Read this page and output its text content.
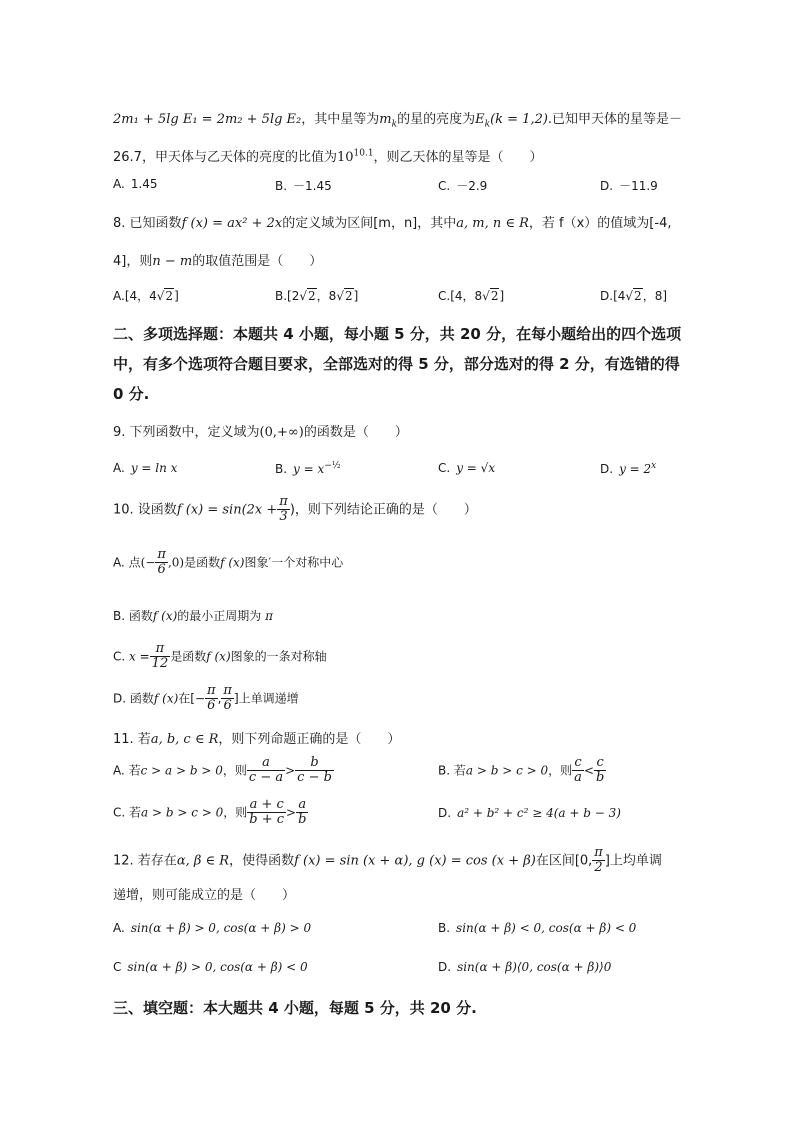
2m₁ + 5lg E₁ = 2m₂ + 5lg E₂，其中星等为$m_k$的星的亮度为$E_k(k = 1,2)$.已知甲天体的星等是－
26.7，甲天体与乙天体的亮度的比值为$10^{10.1}$，则乙天体的星等是（　　）
A. 1.45	B. －1.45	C. －2.9	D. －11.9
8. 已知函数f (x) = ax² + 2x的定义域为区间[m，n]，其中a, m, n ∈ R，若 f（x）的值域为[-4,
4]，则n − m的取值范围是（　　）
A.[4，4√2]	B.[2√2，8√2]	C.[4，8√2]	D.[4√2，8]
二、多项选择题：本题共 4 小题，每小题 5 分，共 20 分，在每小题给出的四个选项
中，有多个选项符合题目要求，全部选对的得 5 分，部分选对的得 2 分，有选错的得
0 分.
9. 下列函数中，定义域为(0,+∞)的函数是（　　）
A. y = ln x	B. $y = x^{-\frac{1}{2}}$	C. y = √x	D. $y = 2^x$
10. 设函数f $(x) = \sin(2x + \frac{\pi}{3}$ )，则下列结论正确的是（　　）
A. 点(− $\frac{\pi}{6} ,0$)是函数f (x)图象′一个对称中心
B. 函数f (x)的最小正周期为 π
C. $x = \frac{\pi}{12}$ 是函数f (x)图象的一条对称轴
D. 函数f (x)在[− $\frac{\pi}{6}$ , $\frac{\pi}{6}$ ]上单调递增
11. 若a, b, c ∈ R，则下列命题正确的是（　　）
A. 若c > a > b > 0，则 $\frac{a}{c - a} > \frac{b}{c - b}$	B. 若a > b > c > 0，则 $\frac{c}{a} < \frac{c}{b}$
C. 若a > b > c > 0，则 $\frac{a + c}{b + c} > \frac{a}{b}$	D. a² + b² + c² ≥ 4(a + b − 3)
12. 若存在α, β ∈ R，使得函数f (x) = sin (x + α), g (x) = cos (x + β)在区间[0, $\frac{\pi}{2}$ ]上均单调
递增，则可能成立的是（　　）
A. sin(α + β) > 0, cos(α + β) > 0	B. sin(α + β) < 0, cos(α + β) < 0
C sin(α + β) > 0, cos(α + β) < 0	D. sin(α + β)⟨0, cos(α + β)⟩0
三、填空题：本大题共 4 小题，每题 5 分，共 20 分.
